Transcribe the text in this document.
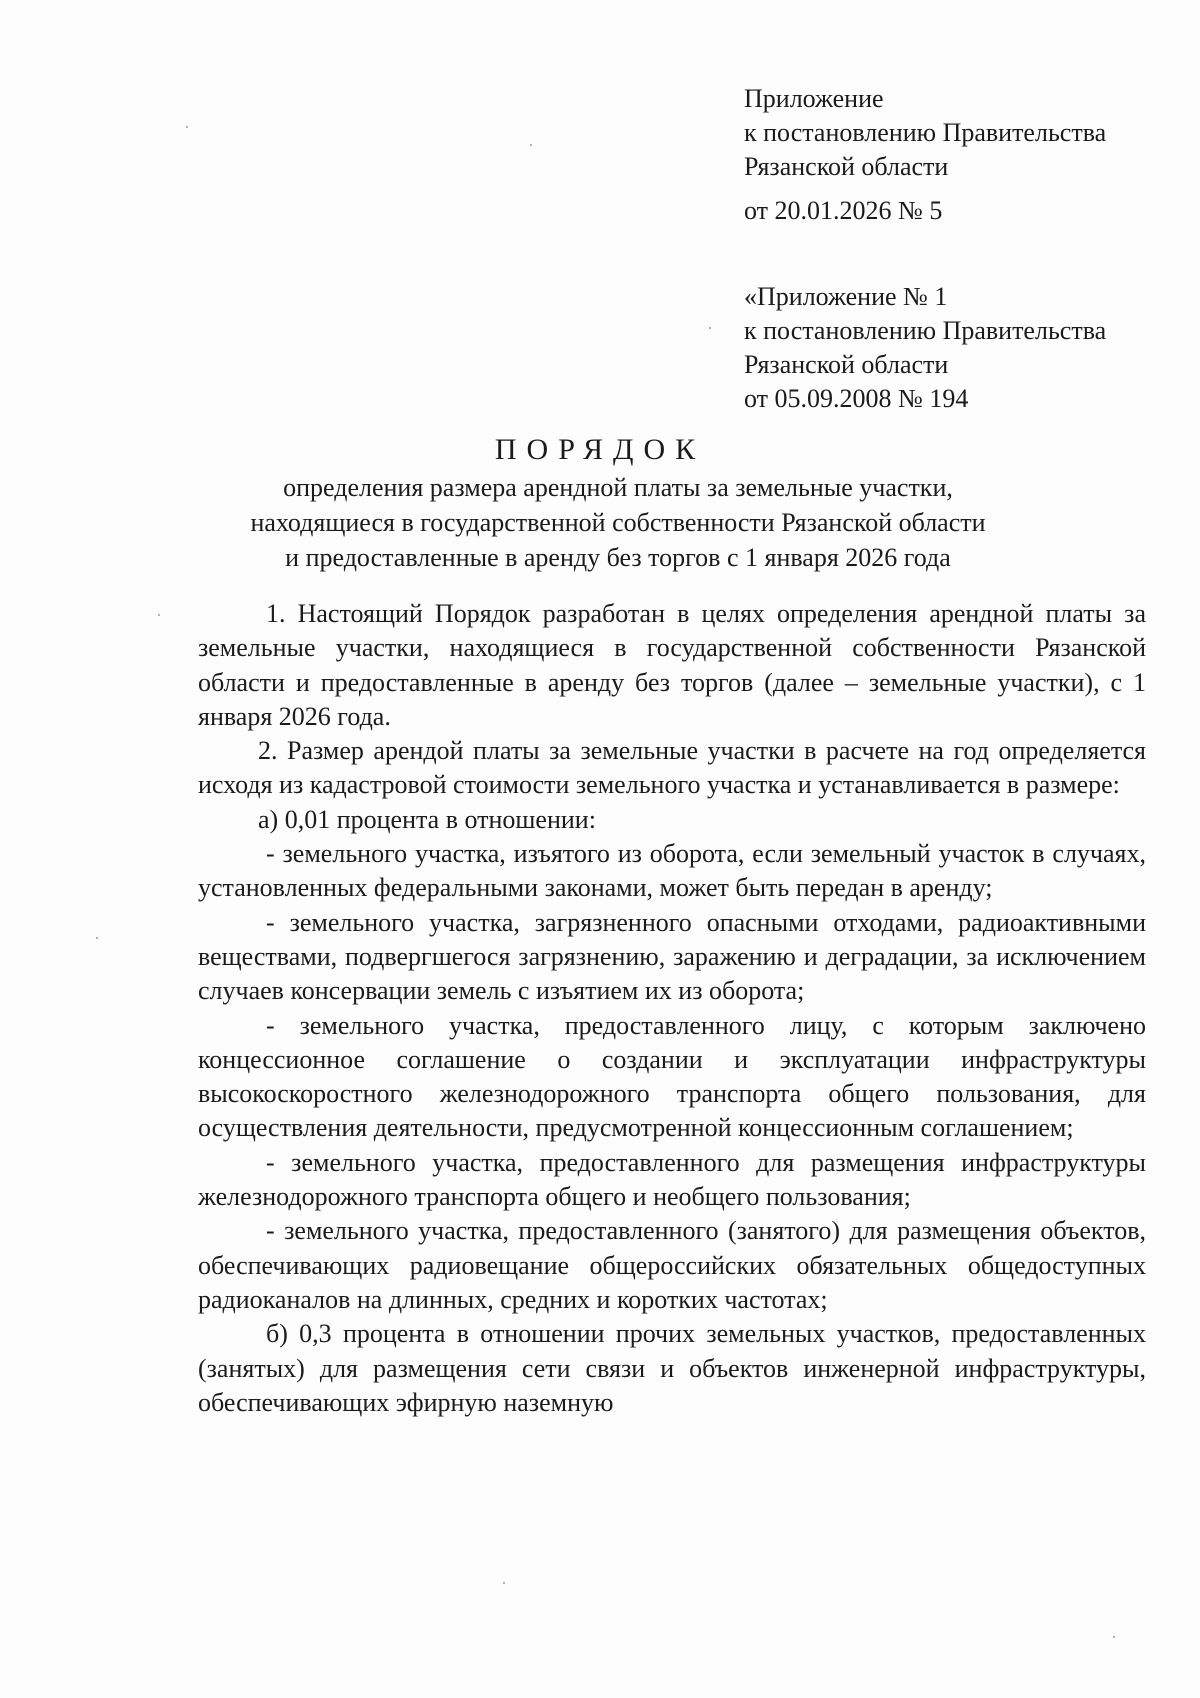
Приложение
к постановлению Правительства
Рязанской области
от 20.01.2026 № 5
«Приложение № 1
к постановлению Правительства
Рязанской области
от 05.09.2008 № 194
ПОРЯДОК
определения размера арендной платы за земельные участки,
находящиеся в государственной собственности Рязанской области
и предоставленные в аренду без торгов с 1 января 2026 года

1. Настоящий Порядок разработан в целях определения арендной платы за земельные участки, находящиеся в государственной собственности Рязанской области и предоставленные в аренду без торгов (далее – земельные участки), с 1 января 2026 года.

2. Размер арендой платы за земельные участки в расчете на год определяется исходя из кадастровой стоимости земельного участка и устанавливается в размере:

а) 0,01 процента в отношении:

- земельного участка, изъятого из оборота, если земельный участок в случаях, установленных федеральными законами, может быть передан в аренду;

- земельного участка, загрязненного опасными отходами, радиоактивными веществами, подвергшегося загрязнению, заражению и деградации, за исключением случаев консервации земель с изъятием их из оборота;

- земельного участка, предоставленного лицу, с которым заключено концессионное соглашение о создании и эксплуатации инфраструктуры высокоскоростного железнодорожного транспорта общего пользования, для осуществления деятельности, предусмотренной концессионным соглашением;

- земельного участка, предоставленного для размещения инфраструктуры железнодорожного транспорта общего и необщего пользования;

- земельного участка, предоставленного (занятого) для размещения объектов, обеспечивающих радиовещание общероссийских обязательных общедоступных радиоканалов на длинных, средних и коротких частотах;

б) 0,3 процента в отношении прочих земельных участков, предоставленных (занятых) для размещения сети связи и объектов инженерной инфраструктуры, обеспечивающих эфирную наземную
